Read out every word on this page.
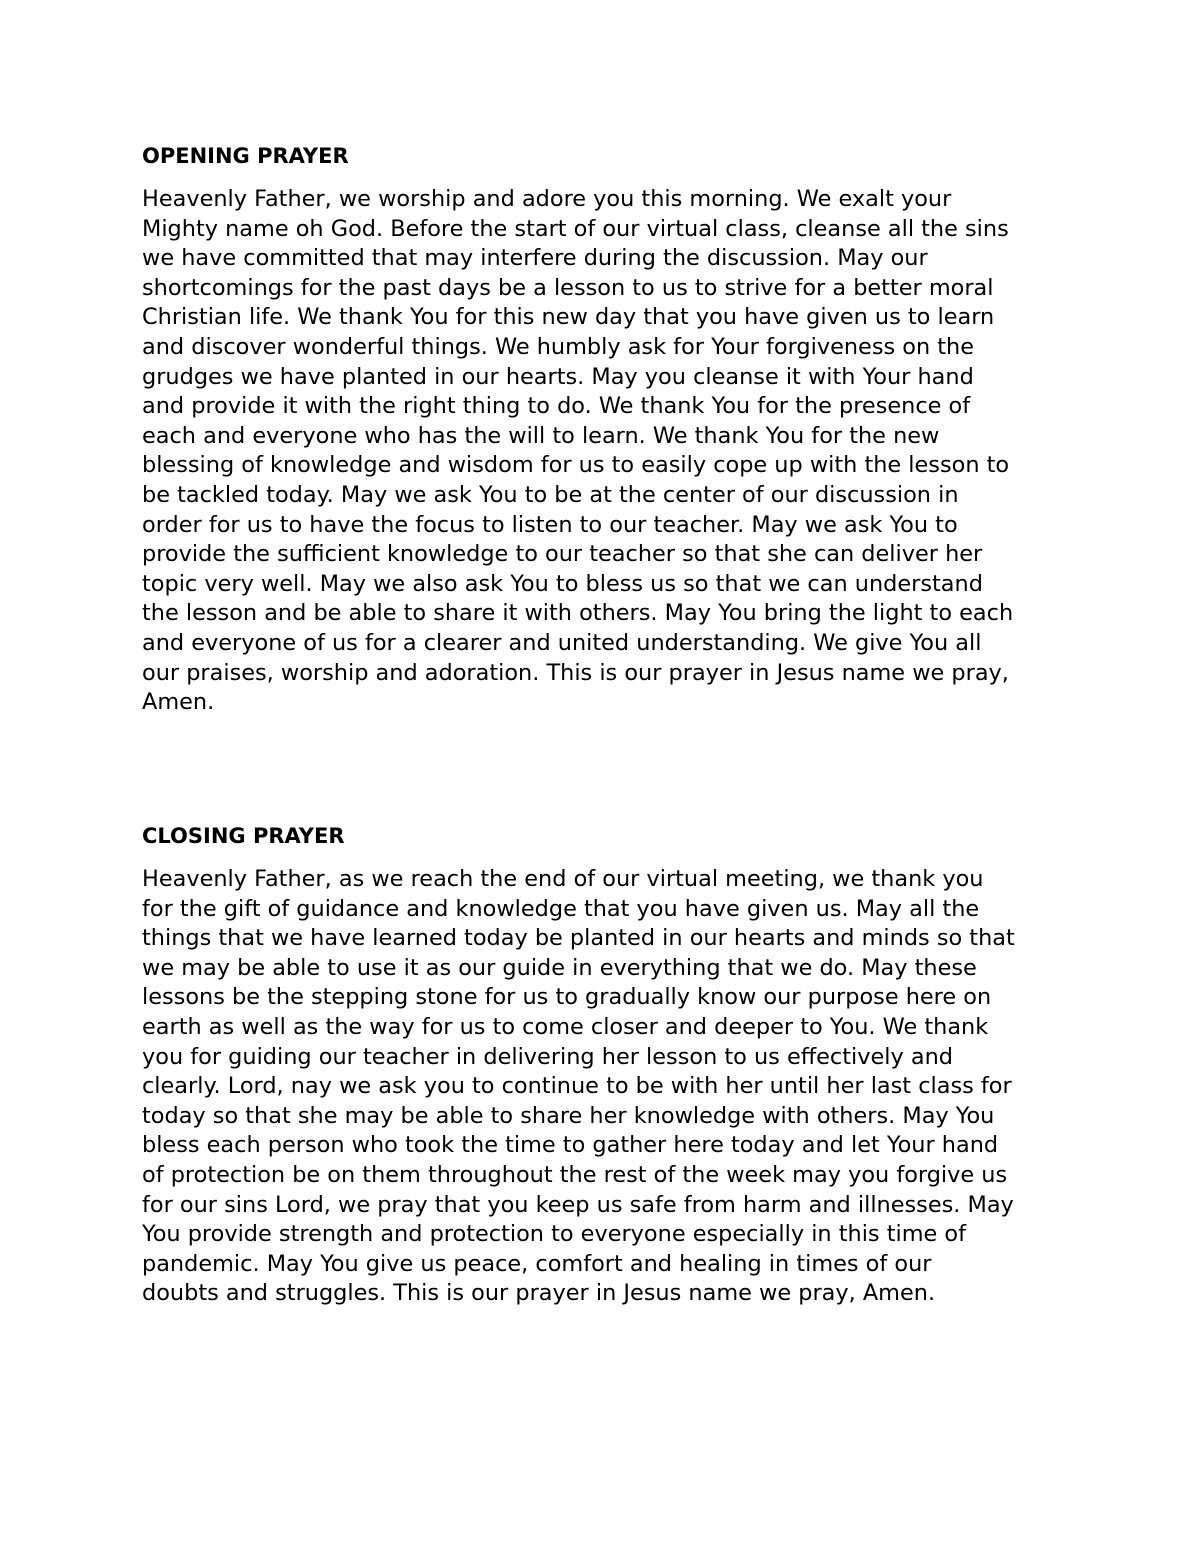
OPENING PRAYER
Heavenly Father, we worship and adore you this morning. We exalt your
Mighty name oh God. Before the start of our virtual class, cleanse all the sins
we have committed that may interfere during the discussion. May our
shortcomings for the past days be a lesson to us to strive for a better moral
Christian life. We thank You for this new day that you have given us to learn
and discover wonderful things. We humbly ask for Your forgiveness on the
grudges we have planted in our hearts. May you cleanse it with Your hand
and provide it with the right thing to do. We thank You for the presence of
each and everyone who has the will to learn. We thank You for the new
blessing of knowledge and wisdom for us to easily cope up with the lesson to
be tackled today. May we ask You to be at the center of our discussion in
order for us to have the focus to listen to our teacher. May we ask You to
provide the sufficient knowledge to our teacher so that she can deliver her
topic very well. May we also ask You to bless us so that we can understand
the lesson and be able to share it with others. May You bring the light to each
and everyone of us for a clearer and united understanding. We give You all
our praises, worship and adoration. This is our prayer in Jesus name we pray,
Amen.
CLOSING PRAYER
Heavenly Father, as we reach the end of our virtual meeting, we thank you
for the gift of guidance and knowledge that you have given us. May all the
things that we have learned today be planted in our hearts and minds so that
we may be able to use it as our guide in everything that we do. May these
lessons be the stepping stone for us to gradually know our purpose here on
earth as well as the way for us to come closer and deeper to You. We thank
you for guiding our teacher in delivering her lesson to us effectively and
clearly. Lord, nay we ask you to continue to be with her until her last class for
today so that she may be able to share her knowledge with others. May You
bless each person who took the time to gather here today and let Your hand
of protection be on them throughout the rest of the week may you forgive us
for our sins Lord, we pray that you keep us safe from harm and illnesses. May
You provide strength and protection to everyone especially in this time of
pandemic. May You give us peace, comfort and healing in times of our
doubts and struggles. This is our prayer in Jesus name we pray, Amen.
